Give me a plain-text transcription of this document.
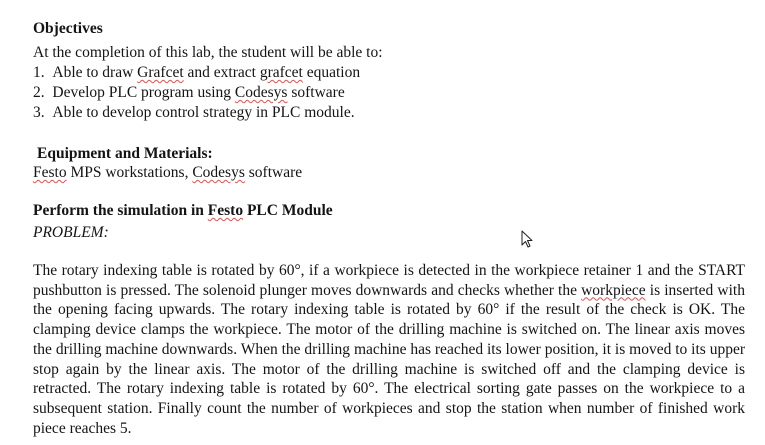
Objectives
At the completion of this lab, the student will be able to:
1. Able to draw Grafcet and extract grafcet equation
2. Develop PLC program using Codesys software
3. Able to develop control strategy in PLC module.
Equipment and Materials:
Festo MPS workstations, Codesys software
Perform the simulation in Festo PLC Module
PROBLEM:
The rotary indexing table is rotated by 60°, if a workpiece is detected in the workpiece retainer 1 and the START pushbutton is pressed. The solenoid plunger moves downwards and checks whether the workpiece is inserted with the opening facing upwards. The rotary indexing table is rotated by 60° if the result of the check is OK. The clamping device clamps the workpiece. The motor of the drilling machine is switched on. The linear axis moves the drilling machine downwards. When the drilling machine has reached its lower position, it is moved to its upper stop again by the linear axis. The motor of the drilling machine is switched off and the clamping device is retracted. The rotary indexing table is rotated by 60°. The electrical sorting gate passes on the workpiece to a subsequent station. Finally count the number of workpieces and stop the station when number of finished work piece reaches 5.
